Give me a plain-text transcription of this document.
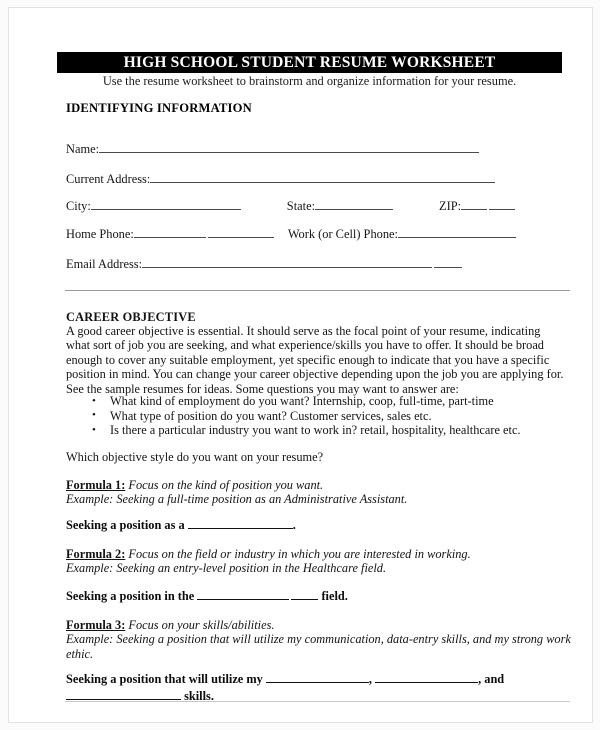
HIGH SCHOOL STUDENT RESUME WORKSHEET
Use the resume worksheet to brainstorm and organize information for your resume.
IDENTIFYING INFORMATION
Name:
Current Address:
City:	State:	ZIP:
Home Phone:	Work (or Cell) Phone:
Email Address:
CAREER OBJECTIVE
A good career objective is essential. It should serve as the focal point of your resume, indicating what sort of job you are seeking, and what experience/skills you have to offer. It should be broad enough to cover any suitable employment, yet specific enough to indicate that you have a specific position in mind. You can change your career objective depending upon the job you are applying for. See the sample resumes for ideas. Some questions you may want to answer are:
• What kind of employment do you want? Internship, coop, full-time, part-time
• What type of position do you want? Customer services, sales etc.
• Is there a particular industry you want to work in? retail, hospitality, healthcare etc.
Which objective style do you want on your resume?
Formula 1: Focus on the kind of position you want.
Example: Seeking a full-time position as an Administrative Assistant.
Seeking a position as a	.
Formula 2: Focus on the field or industry in which you are interested in working.
Example: Seeking an entry-level position in the Healthcare field.
Seeking a position in the	field.
Formula 3: Focus on your skills/abilities.
Example: Seeking a position that will utilize my communication, data-entry skills, and my strong work ethic.
Seeking a position that will utilize my	,	, and
skills.
